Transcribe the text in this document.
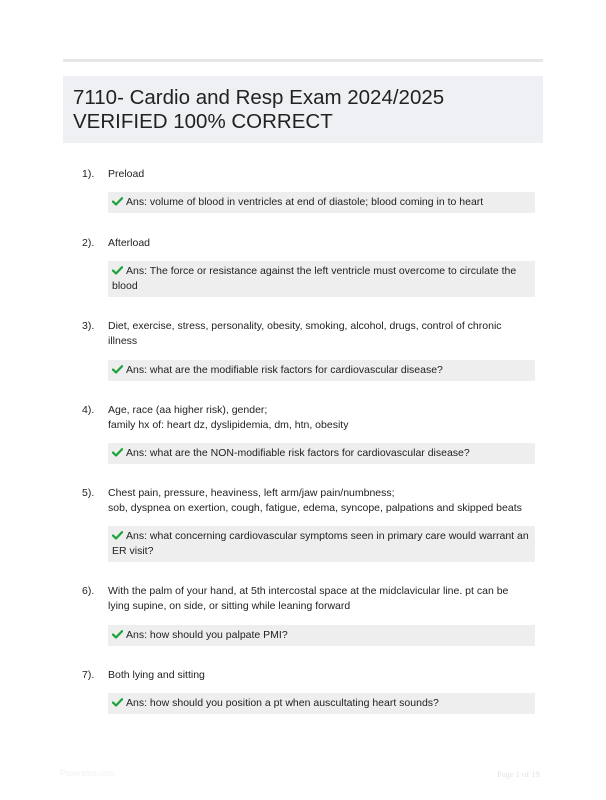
7110- Cardio and Resp Exam 2024/2025
VERIFIED 100% CORRECT
1). Preload
Ans: volume of blood in ventricles at end of diastole; blood coming in to heart
2). Afterload
Ans: The force or resistance against the left ventricle must overcome to circulate the blood
3). Diet, exercise, stress, personality, obesity, smoking, alcohol, drugs, control of chronic illness
Ans: what are the modifiable risk factors for cardiovascular disease?
4). Age, race (aa higher risk), gender;
family hx of: heart dz, dyslipidemia, dm, htn, obesity
Ans: what are the NON-modifiable risk factors for cardiovascular disease?
5). Chest pain, pressure, heaviness, left arm/jaw pain/numbness;
sob, dyspnea on exertion, cough, fatigue, edema, syncope, palpations and skipped beats
Ans: what concerning cardiovascular symptoms seen in primary care would warrant an ER visit?
6). With the palm of your hand, at 5th intercostal space at the midclavicular line. pt can be lying supine, on side, or sitting while leaning forward
Ans: how should you palpate PMI?
7). Both lying and sitting
Ans: how should you position a pt when auscultating heart sounds?
Papertribe.com	Page 1 of 19
